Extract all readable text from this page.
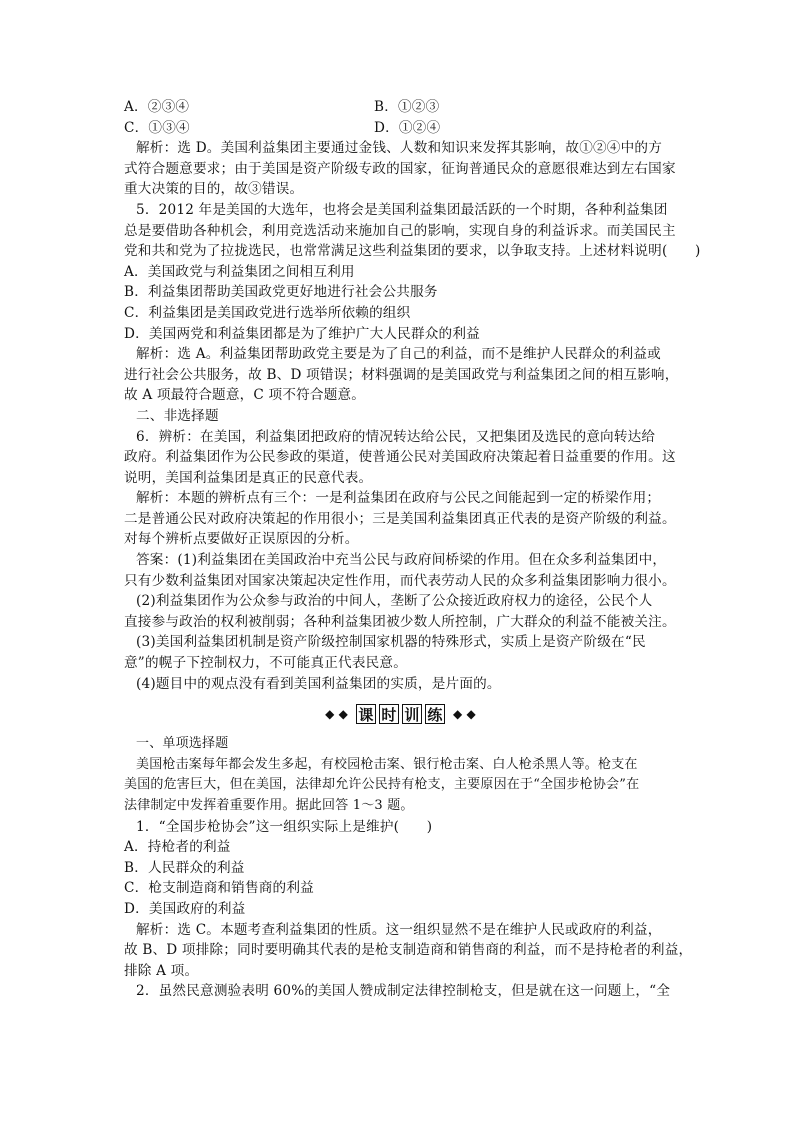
A．②③④	B．①②③
C．①③④	D．①②④
解析：选 D。美国利益集团主要通过金钱、人数和知识来发挥其影响，故①②④中的方
式符合题意要求；由于美国是资产阶级专政的国家，征询普通民众的意愿很难达到左右国家
重大决策的目的，故③错误。
5．2012 年是美国的大选年，也将会是美国利益集团最活跃的一个时期，各种利益集团
总是要借助各种机会，利用竞选活动来施加自己的影响，实现自身的利益诉求。而美国民主
党和共和党为了拉拢选民，也常常满足这些利益集团的要求，以争取支持。上述材料说明(　　)
A．美国政党与利益集团之间相互利用
B．利益集团帮助美国政党更好地进行社会公共服务
C．利益集团是美国政党进行选举所依赖的组织
D．美国两党和利益集团都是为了维护广大人民群众的利益
解析：选 A。利益集团帮助政党主要是为了自己的利益，而不是维护人民群众的利益或
进行社会公共服务，故 B、D 项错误；材料强调的是美国政党与利益集团之间的相互影响，
故 A 项最符合题意，C 项不符合题意。
二、非选择题
6．辨析：在美国，利益集团把政府的情况转达给公民，又把集团及选民的意向转达给
政府。利益集团作为公民参政的渠道，使普通公民对美国政府决策起着日益重要的作用。这
说明，美国利益集团是真正的民意代表。
解析：本题的辨析点有三个：一是利益集团在政府与公民之间能起到一定的桥梁作用；
二是普通公民对政府决策起的作用很小；三是美国利益集团真正代表的是资产阶级的利益。
对每个辨析点要做好正误原因的分析。
答案：(1)利益集团在美国政治中充当公民与政府间桥梁的作用。但在众多利益集团中，
只有少数利益集团对国家决策起决定性作用，而代表劳动人民的众多利益集团影响力很小。
(2)利益集团作为公众参与政治的中间人，垄断了公众接近政府权力的途径，公民个人
直接参与政治的权利被削弱；各种利益集团被少数人所控制，广大群众的利益不能被关注。
(3)美国利益集团机制是资产阶级控制国家机器的特殊形式，实质上是资产阶级在“民
意”的幌子下控制权力，不可能真正代表民意。
(4)题目中的观点没有看到美国利益集团的实质，是片面的。
◆ ◆ 课 时 训 练 ◆ ◆
一、单项选择题
美国枪击案每年都会发生多起，有校园枪击案、银行枪击案、白人枪杀黑人等。枪支在
美国的危害巨大，但在美国，法律却允许公民持有枪支，主要原因在于“全国步枪协会”在
法律制定中发挥着重要作用。据此回答 1～3 题。
1．“全国步枪协会”这一组织实际上是维护(　　)
A．持枪者的利益
B．人民群众的利益
C．枪支制造商和销售商的利益
D．美国政府的利益
解析：选 C。本题考查利益集团的性质。这一组织显然不是在维护人民或政府的利益，
故 B、D 项排除；同时要明确其代表的是枪支制造商和销售商的利益，而不是持枪者的利益，
排除 A 项。
2．虽然民意测验表明 60%的美国人赞成制定法律控制枪支，但是就在这一问题上，“全
